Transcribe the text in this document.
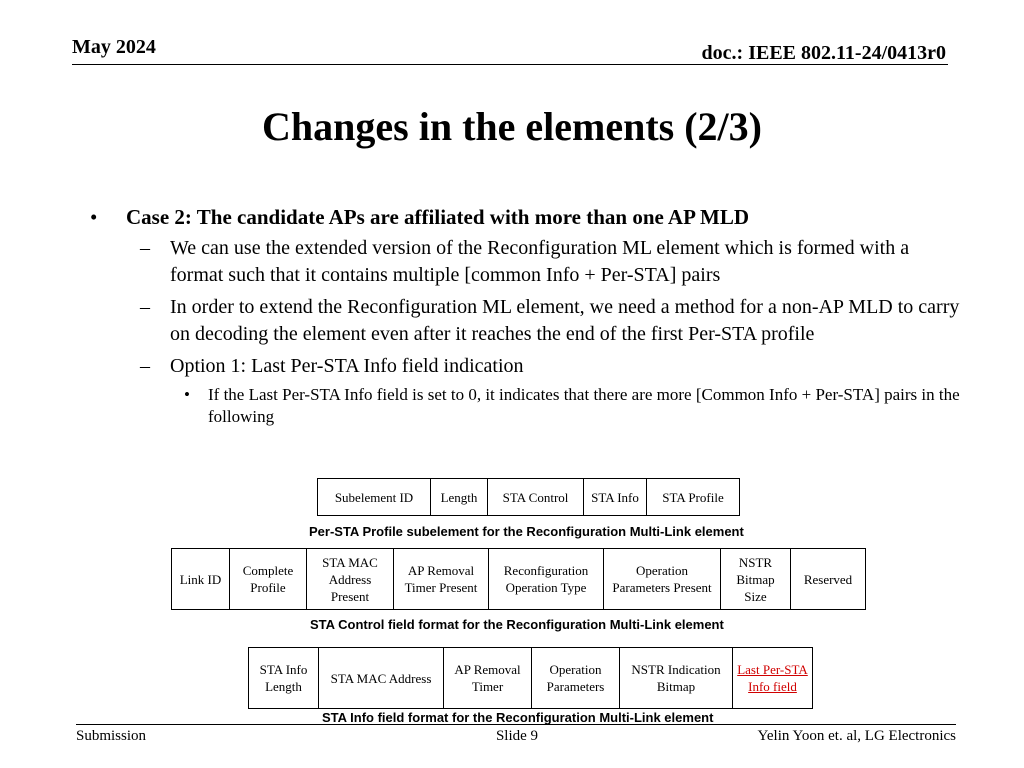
May 2024	doc.: IEEE 802.11-24/0413r0
Changes in the elements (2/3)
• Case 2: The candidate APs are affiliated with more than one AP MLD
– We can use the extended version of the Reconfiguration ML element which is formed with a format such that it contains multiple [common Info + Per-STA] pairs
– In order to extend the Reconfiguration ML element, we need a method for a non-AP MLD to carry on decoding the element even after it reaches the end of the first Per-STA profile
– Option 1: Last Per-STA Info field indication
• If the Last Per-STA Info field is set to 0, it indicates that there are more [Common Info + Per-STA] pairs in the following
Subelement ID	Length	STA Control	STA Info	STA Profile
Per-STA Profile subelement for the Reconfiguration Multi-Link element
Link ID	Complete Profile	STA MAC Address Present	AP Removal Timer Present	Reconfiguration Operation Type	Operation Parameters Present	NSTR Bitmap Size	Reserved
STA Control field format for the Reconfiguration Multi-Link element
STA Info Length	STA MAC Address	AP Removal Timer	Operation Parameters	NSTR Indication Bitmap	Last Per-STA Info field
STA Info field format for the Reconfiguration Multi-Link element
Submission	Slide 9	Yelin Yoon et. al, LG Electronics
